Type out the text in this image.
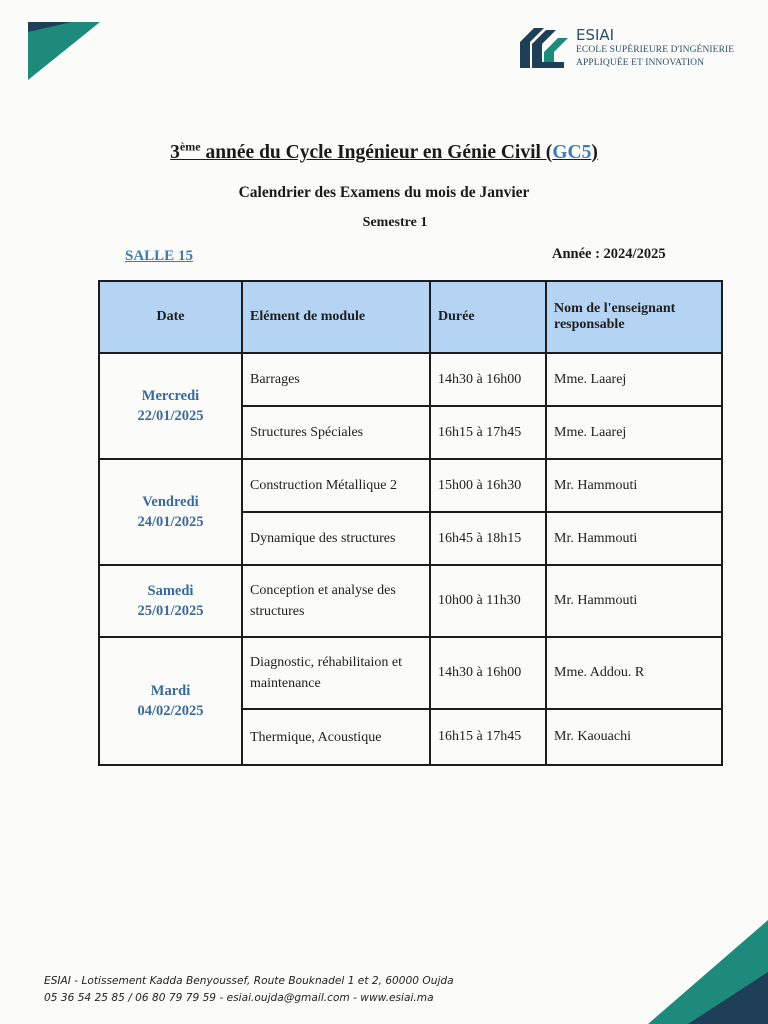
ESIAI
ECOLE SUPÉRIEURE D'INGÉNIERIE
APPLIQUÉE ET INNOVATION
3ème année du Cycle Ingénieur en Génie Civil (GC5)
Calendrier des Examens du mois de Janvier
Semestre 1
SALLE 15	Année : 2024/2025
Date	Elément de module	Durée	Nom de l'enseignant responsable

Mercredi
22/01/2025	Barrages	14h30 à 16h00	Mme. Laarej
	Structures Spéciales	16h15 à 17h45	Mme. Laarej

Vendredi
24/01/2025	Construction Métallique 2	15h00 à 16h30	Mr. Hammouti
	Dynamique des structures	16h45 à 18h15	Mr. Hammouti

Samedi
25/01/2025	Conception et analyse des structures	10h00 à 11h30	Mr. Hammouti

Mardi
04/02/2025	Diagnostic, réhabilitaion et maintenance	14h30 à 16h00	Mme. Addou. R
	Thermique, Acoustique	16h15 à 17h45	Mr. Kaouachi
ESIAI - Lotissement Kadda Benyoussef, Route Bouknadel 1 et 2, 60000 Oujda
05 36 54 25 85 / 06 80 79 79 59 - esiai.oujda@gmail.com - www.esiai.ma
